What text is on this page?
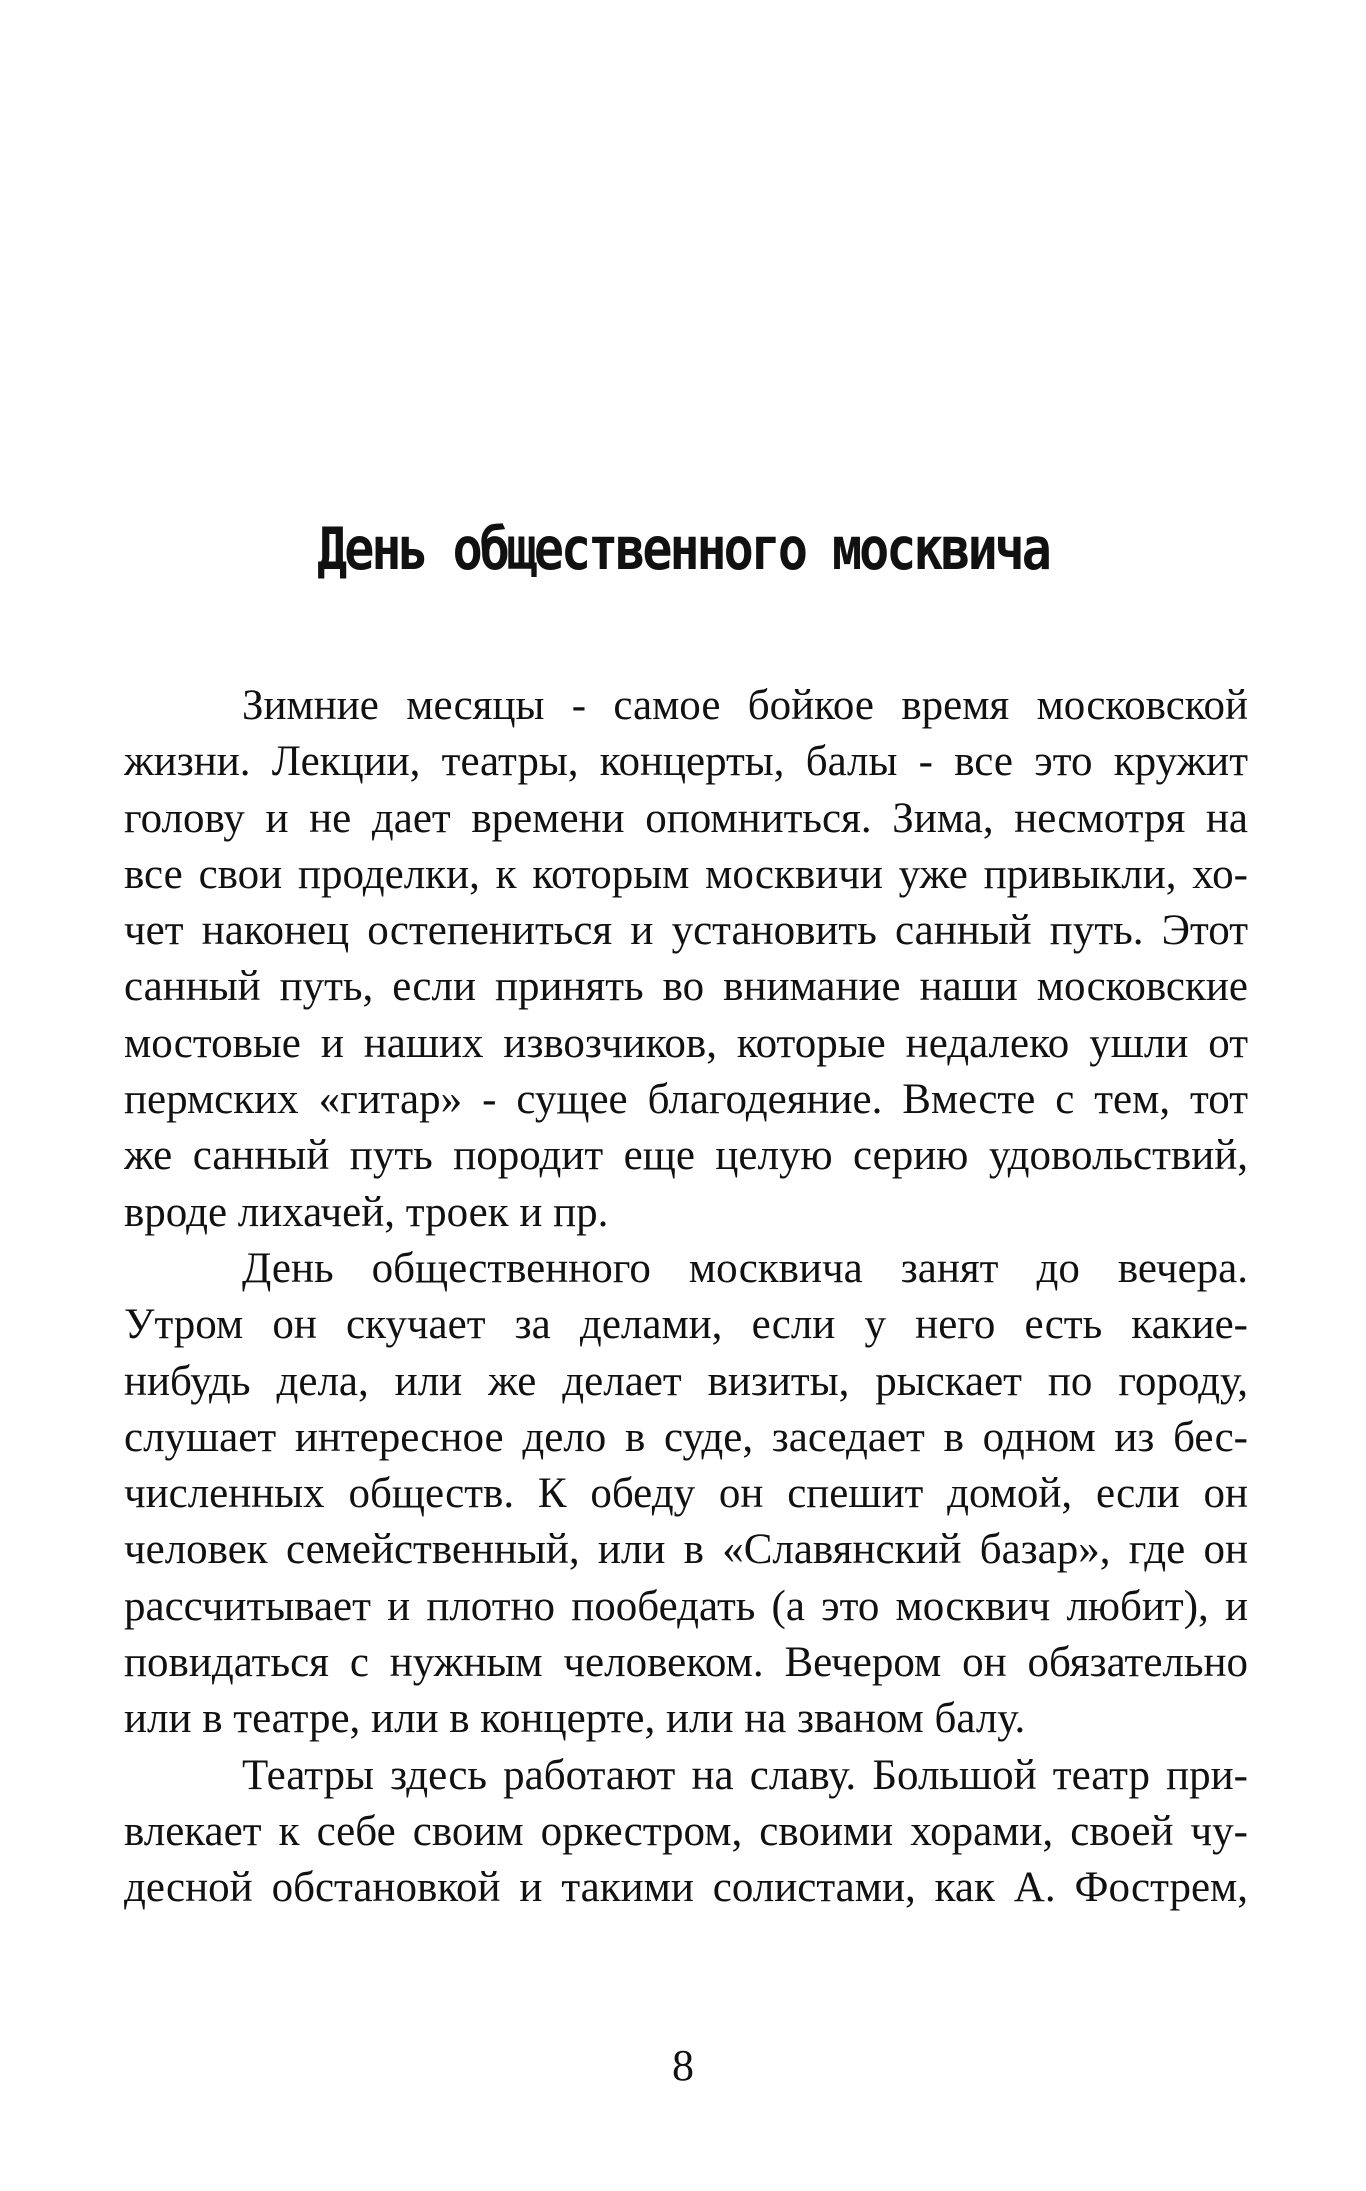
День общественного москвича
Зимние месяцы - самое бойкое время московской
жизни. Лекции, театры, концерты, балы - все это кружит
голову и не дает времени опомниться. Зима, несмотря на
все свои проделки, к которым москвичи уже привыкли, хо-
чет наконец остепениться и установить санный путь. Этот
санный путь, если принять во внимание наши московские
мостовые и наших извозчиков, которые недалеко ушли от
пермских «гитар» - сущее благодеяние. Вместе с тем, тот
же санный путь породит еще целую серию удовольствий,
вроде лихачей, троек и пр.
День общественного москвича занят до вечера.
Утром он скучает за делами, если у него есть какие-
нибудь дела, или же делает визиты, рыскает по городу,
слушает интересное дело в суде, заседает в одном из бес-
численных обществ. К обеду он спешит домой, если он
человек семейственный, или в «Славянский базар», где он
рассчитывает и плотно пообедать (а это москвич любит), и
повидаться с нужным человеком. Вечером он обязательно
или в театре, или в концерте, или на званом балу.
Театры здесь работают на славу. Большой театр при-
влекает к себе своим оркестром, своими хорами, своей чу-
десной обстановкой и такими солистами, как А. Фострем,
8
